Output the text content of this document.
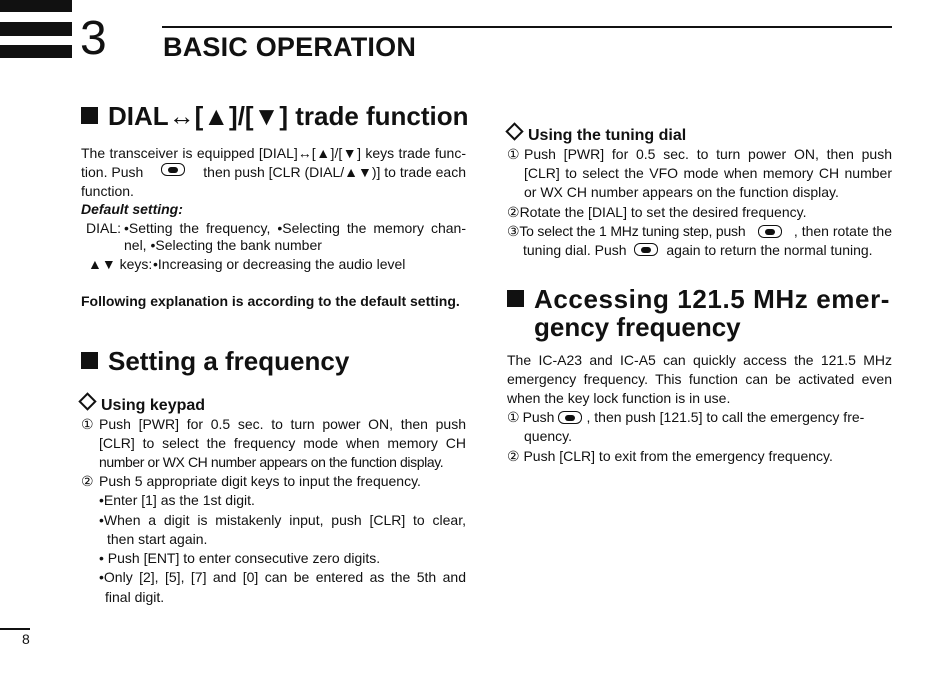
3 BASIC OPERATION
DIAL↔[▲]/[▼] trade function
The transceiver is equipped [DIAL]↔[▲]/[▼] keys trade func-
tion. Push	then push [CLR (DIAL/▲▼)] to trade each
function.
Default setting:
DIAL: •Setting the frequency, •Selecting the memory chan-
nel, •Selecting the bank number
▲▼ keys: •Increasing or decreasing the audio level
Following explanation is according to the default setting.
Setting a frequency
Using keypad
① Push [PWR] for 0.5 sec. to turn power ON, then push
[CLR] to select the frequency mode when memory CH
number or WX CH number appears on the function display.
② Push 5 appropriate digit keys to input the frequency.
•Enter [1] as the 1st digit.
•When a digit is mistakenly input, push [CLR] to clear,
then start again.
• Push [ENT] to enter consecutive zero digits.
•Only [2], [5], [7] and [0] can be entered as the 5th and
final digit.
Using the tuning dial
① Push [PWR] for 0.5 sec. to turn power ON, then push
[CLR] to select the VFO mode when memory CH number
or WX CH number appears on the function display.
②Rotate the [DIAL] to set the desired frequency.
③To select the 1 MHz tuning step, push	, then rotate the
tuning dial. Push	again to return the normal tuning.
Accessing 121.5 MHz emer-
gency frequency
The IC-A23 and IC-A5 can quickly access the 121.5 MHz
emergency frequency. This function can be activated even
when the key lock function is in use.
① Push , then push [121.5] to call the emergency fre-
quency.
② Push [CLR] to exit from the emergency frequency.
8
